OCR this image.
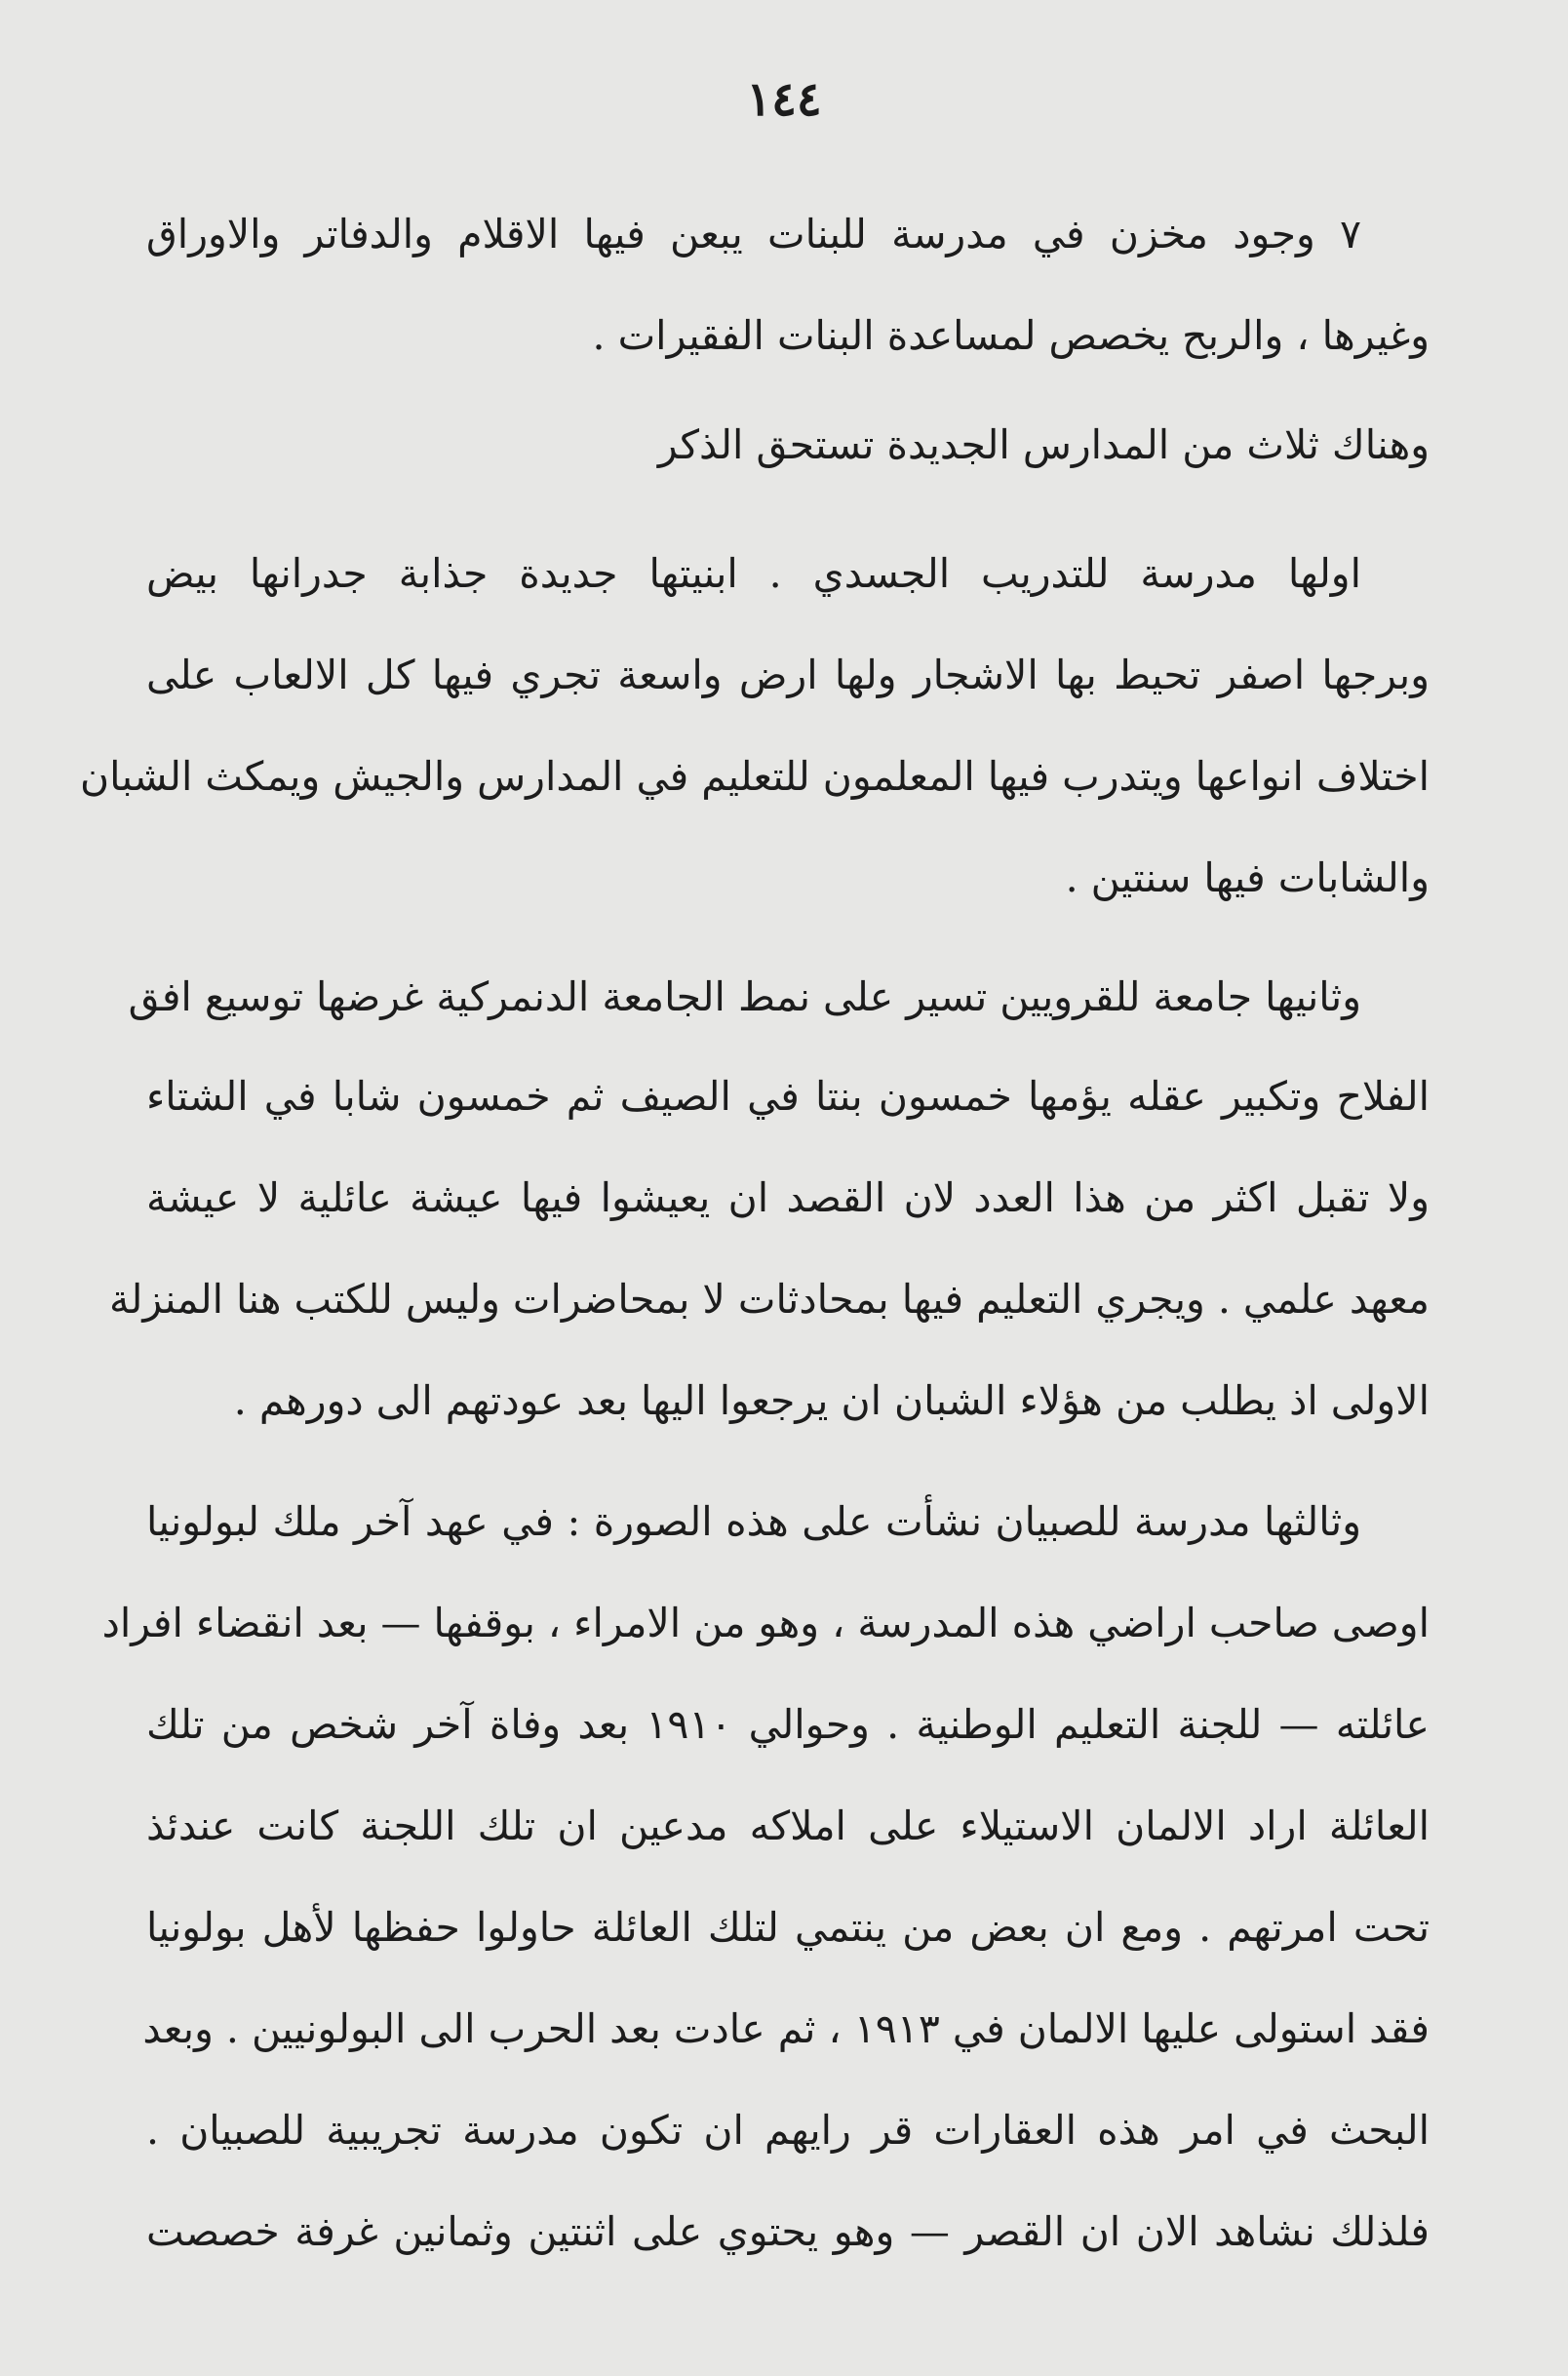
١٤٤
٧ وجود مخزن في مدرسة للبنات يبعن فيها الاقلام والدفاتر والاوراق
وغيرها ، والربح يخصص لمساعدة البنات الفقيرات .
وهناك ثلاث من المدارس الجديدة تستحق الذكر
اولها مدرسة للتدريب الجسدي . ابنيتها جديدة جذابة جدرانها بيض
وبرجها اصفر تحيط بها الاشجار ولها ارض واسعة تجري فيها كل الالعاب على
اختلاف انواعها ويتدرب فيها المعلمون للتعليم في المدارس والجيش ويمكث الشبان
والشابات فيها سنتين .
وثانيها جامعة للقرويين تسير على نمط الجامعة الدنمركية غرضها توسيع افق
الفلاح وتكبير عقله يؤمها خمسون بنتا في الصيف ثم خمسون شابا في الشتاء
ولا تقبل اكثر من هذا العدد لان القصد ان يعيشوا فيها عيشة عائلية لا عيشة
معهد علمي . ويجري التعليم فيها بمحادثات لا بمحاضرات وليس للكتب هنا المنزلة
الاولى اذ يطلب من هؤلاء الشبان ان يرجعوا اليها بعد عودتهم الى دورهم .
وثالثها مدرسة للصبيان نشأت على هذه الصورة : في عهد آخر ملك لبولونيا
اوصى صاحب اراضي هذه المدرسة ، وهو من الامراء ، بوقفها — بعد انقضاء افراد
عائلته — للجنة التعليم الوطنية . وحوالي ١٩١٠ بعد وفاة آخر شخص من تلك
العائلة اراد الالمان الاستيلاء على املاكه مدعين ان تلك اللجنة كانت عندئذ
تحت امرتهم . ومع ان بعض من ينتمي لتلك العائلة حاولوا حفظها لأهل بولونيا
فقد استولى عليها الالمان في ١٩١٣ ، ثم عادت بعد الحرب الى البولونيين . وبعد
البحث في امر هذه العقارات قر رايهم ان تكون مدرسة تجريبية للصبيان .
فلذلك نشاهد الان ان القصر — وهو يحتوي على اثنتين وثمانين غرفة خصصت
